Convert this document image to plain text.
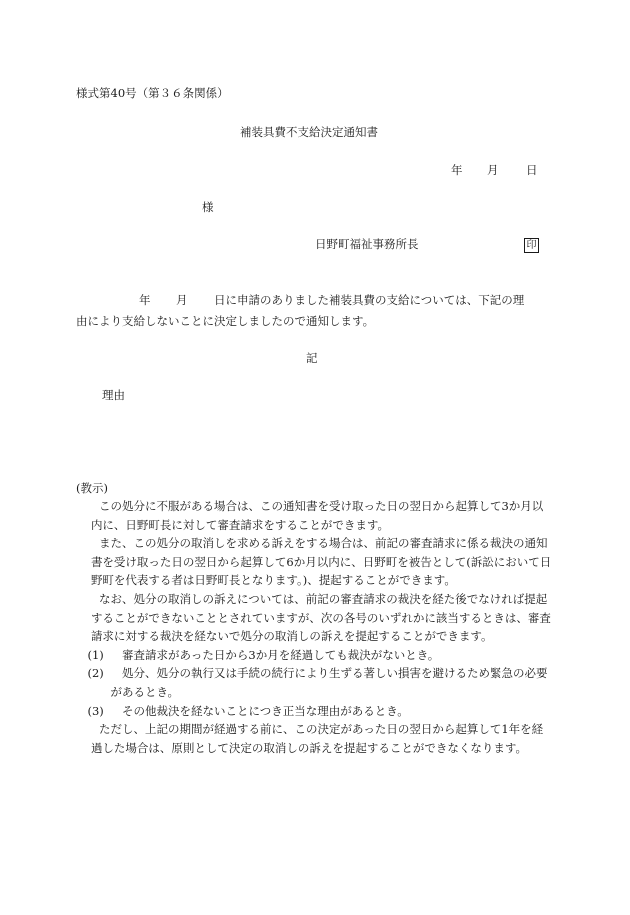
様式第40号（第３６条関係）
補装具費不支給決定通知書
年 月 日
様
日野町福祉事務所長	印
年 月 日に申請のありました補装具費の支給については、下記の理
由により支給しないことに決定しましたので通知します。
記
理由
(教示)

この処分に不服がある場合は、この通知書を受け取った日の翌日から起算して3か月以内に、日野町長に対して審査請求をすることができます。

また、この処分の取消しを求める訴えをする場合は、前記の審査請求に係る裁決の通知書を受け取った日の翌日から起算して6か月以内に、日野町を被告として(訴訟において日野町を代表する者は日野町長となります。)、提起することができます。

なお、処分の取消しの訴えについては、前記の審査請求の裁決を経た後でなければ提起することができないこととされていますが、次の各号のいずれかに該当するときは、審査請求に対する裁決を経ないで処分の取消しの訴えを提起することができます。

(1) 審査請求があった日から3か月を経過しても裁決がないとき。
(2) 処分、処分の執行又は手続の続行により生ずる著しい損害を避けるため緊急の必要があるとき。
(3) その他裁決を経ないことにつき正当な理由があるとき。

ただし、上記の期間が経過する前に、この決定があった日の翌日から起算して1年を経過した場合は、原則として決定の取消しの訴えを提起することができなくなります。
